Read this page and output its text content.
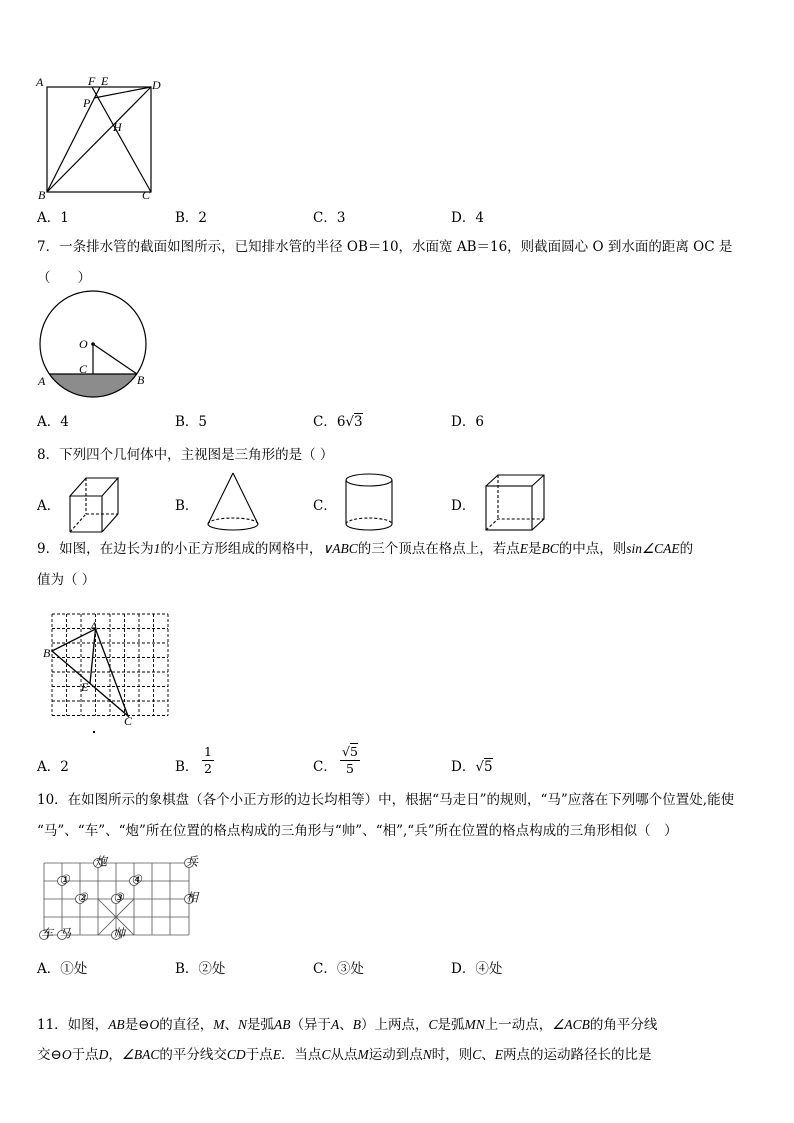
A	F E	D
P
H
B	C
A．1	B．2	C．3	D．4
7．一条排水管的截面如图所示，已知排水管的半径 OB＝10，水面宽 AB＝16，则截面圆心 O 到水面的距离 OC 是
（　　）
O
C
A	B
A．4	B．5	C．6√3	D．6
8．下列四个几何体中，主视图是三角形的是（ ）
A．	B．	C．	D．
9．如图，在边长为1的小正方形组成的网格中，∨ABC的三个顶点在格点上，若点E是BC的中点，则sin∠CAE的
值为（ ）
A
B
E
C
A．2	B．
1
2	C．
√5
5	D．√5
10．在如图所示的象棋盘（各个小正方形的边长均相等）中，根据“马走日”的规则，“马”应落在下列哪个位置处,能使
“马”、“车”、“炮”所在位置的格点构成的三角形与“帅”、“相”,“兵”所在位置的格点构成的三角形相似（　）
炮	兵
帅
相
车 马
①
② ③
④
A．①处	B．②处	C．③处	D．④处
11．如图，AB是⊖O的直径，M、N是弧AB（异于A、B）上两点，C是弧MN上一动点，∠ACB的角平分线
交⊖O于点D，∠BAC的平分线交CD于点E．当点C从点M运动到点N时，则C、E两点的运动路径长的比是
